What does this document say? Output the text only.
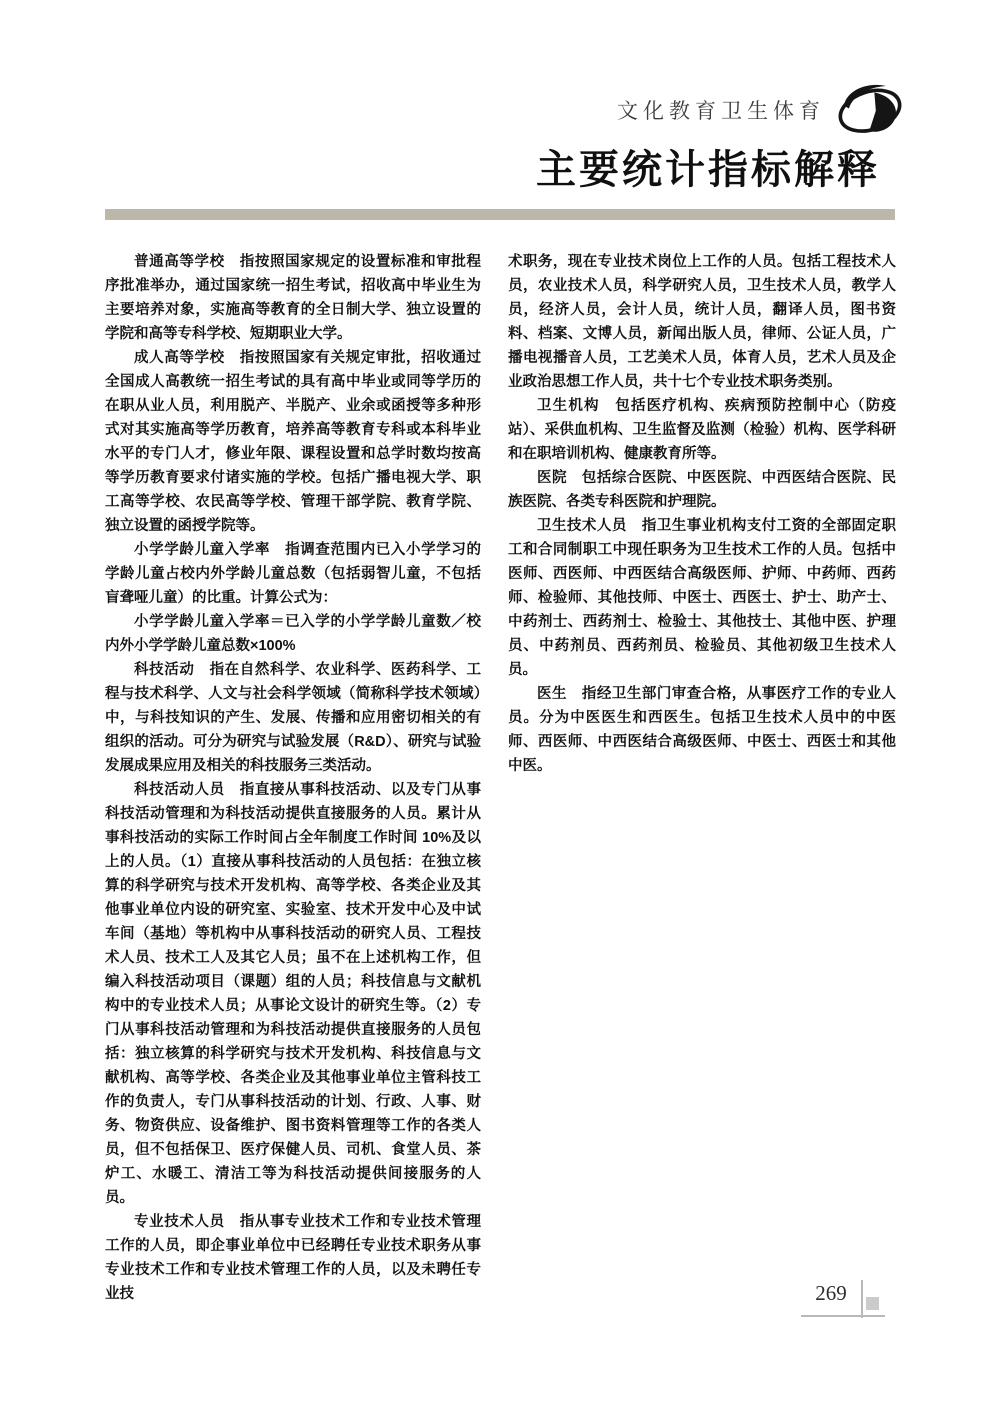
文化教育卫生体育
主要统计指标解释

普通高等学校　指按照国家规定的设置标准和审批程序批准举办，通过国家统一招生考试，招收高中毕业生为主要培养对象，实施高等教育的全日制大学、独立设置的学院和高等专科学校、短期职业大学。

成人高等学校　指按照国家有关规定审批，招收通过全国成人高教统一招生考试的具有高中毕业或同等学历的在职从业人员，利用脱产、半脱产、业余或函授等多种形式对其实施高等学历教育，培养高等教育专科或本科毕业水平的专门人才，修业年限、课程设置和总学时数均按高等学历教育要求付诸实施的学校。包括广播电视大学、职工高等学校、农民高等学校、管理干部学院、教育学院、独立设置的函授学院等。

小学学龄儿童入学率　指调查范围内已入小学学习的学龄儿童占校内外学龄儿童总数（包括弱智儿童，不包括盲聋哑儿童）的比重。计算公式为：

小学学龄儿童入学率＝已入学的小学学龄儿童数／校内外小学学龄儿童总数×100%

科技活动　指在自然科学、农业科学、医药科学、工程与技术科学、人文与社会科学领域（简称科学技术领域）中，与科技知识的产生、发展、传播和应用密切相关的有组织的活动。可分为研究与试验发展（R&D）、研究与试验发展成果应用及相关的科技服务三类活动。

科技活动人员　指直接从事科技活动、以及专门从事科技活动管理和为科技活动提供直接服务的人员。累计从事科技活动的实际工作时间占全年制度工作时间 10%及以上的人员。（1）直接从事科技活动的人员包括：在独立核算的科学研究与技术开发机构、高等学校、各类企业及其他事业单位内设的研究室、实验室、技术开发中心及中试车间（基地）等机构中从事科技活动的研究人员、工程技术人员、技术工人及其它人员；虽不在上述机构工作，但编入科技活动项目（课题）组的人员；科技信息与文献机构中的专业技术人员；从事论文设计的研究生等。（2）专门从事科技活动管理和为科技活动提供直接服务的人员包括：独立核算的科学研究与技术开发机构、科技信息与文献机构、高等学校、各类企业及其他事业单位主管科技工作的负责人，专门从事科技活动的计划、行政、人事、财务、物资供应、设备维护、图书资料管理等工作的各类人员，但不包括保卫、医疗保健人员、司机、食堂人员、茶炉工、水暖工、清洁工等为科技活动提供间接服务的人员。

专业技术人员　指从事专业技术工作和专业技术管理工作的人员，即企事业单位中已经聘任专业技术职务从事专业技术工作和专业技术管理工作的人员，以及未聘任专业技

术职务，现在专业技术岗位上工作的人员。包括工程技术人员，农业技术人员，科学研究人员，卫生技术人员，教学人员，经济人员，会计人员，统计人员，翻译人员，图书资料、档案、文博人员，新闻出版人员，律师、公证人员，广播电视播音人员，工艺美术人员，体育人员，艺术人员及企业政治思想工作人员，共十七个专业技术职务类别。

卫生机构　包括医疗机构、疾病预防控制中心（防疫站）、采供血机构、卫生监督及监测（检验）机构、医学科研和在职培训机构、健康教育所等。

医院　包括综合医院、中医医院、中西医结合医院、民族医院、各类专科医院和护理院。

卫生技术人员　指卫生事业机构支付工资的全部固定职工和合同制职工中现任职务为卫生技术工作的人员。包括中医师、西医师、中西医结合高级医师、护师、中药师、西药师、检验师、其他技师、中医士、西医士、护士、助产士、中药剂士、西药剂士、检验士、其他技士、其他中医、护理员、中药剂员、西药剂员、检验员、其他初级卫生技术人员。

医生　指经卫生部门审查合格，从事医疗工作的专业人员。分为中医医生和西医生。包括卫生技术人员中的中医师、西医师、中西医结合高级医师、中医士、西医士和其他中医。

269
